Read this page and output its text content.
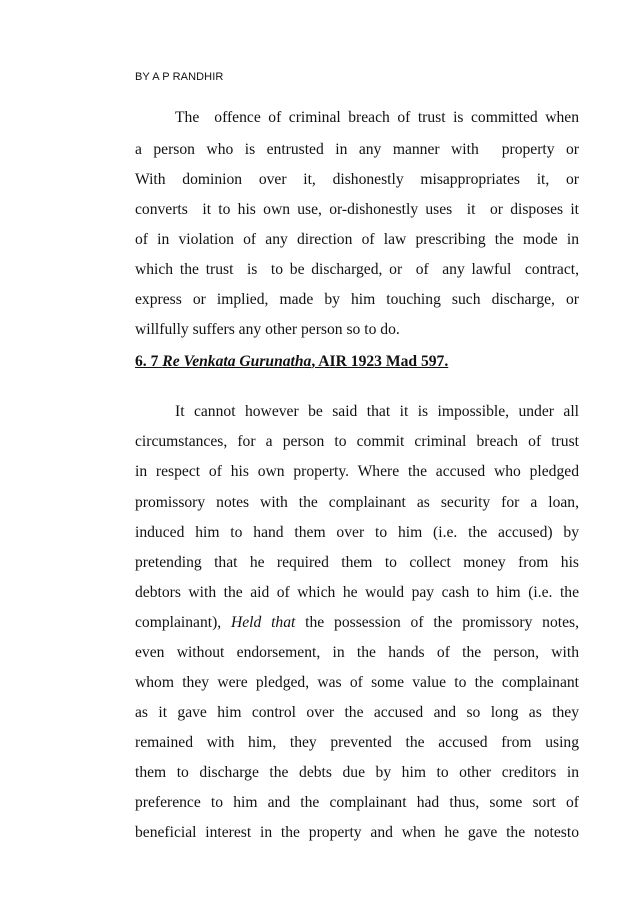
BY A P RANDHIR
The  offence of criminal breach of trust is committed when
a  person  who  is  entrusted  in  any  manner  with    property  or
With   dominion   over   it,   dishonestly   misappropriates   it,   or
converts  it to his own use, or-dishonestly uses  it  or disposes it
of in violation of any direction of law prescribing the mode in
which the trust  is  to be discharged, or  of  any lawful  contract,
express  or  implied,  made  by  him  touching  such  discharge,  or
willfully suffers any other person so to do.
6. 7 Re Venkata Gurunatha, AIR 1923 Mad 597.
It cannot however be said that it is impossible, under all
circumstances, for a person to commit criminal breach of trust
in respect of his own property. Where the accused who pledged
promissory notes with the complainant as security for a loan,
induced him to hand them over to him (i.e. the accused) by
pretending that he required them to collect money from his
debtors with the aid of which he would pay cash to him (i.e. the
complainant), Held that the possession of the promissory notes,
even without endorsement, in the hands of the person, with
whom they were pledged, was of some value to the complainant
as it gave him control over the accused and so long as they
remained with him, they prevented the accused from using
them to discharge the debts due by him to other creditors in
preference to him and the complainant had thus, some sort of
beneficial interest in the property and when he gave the notesto
